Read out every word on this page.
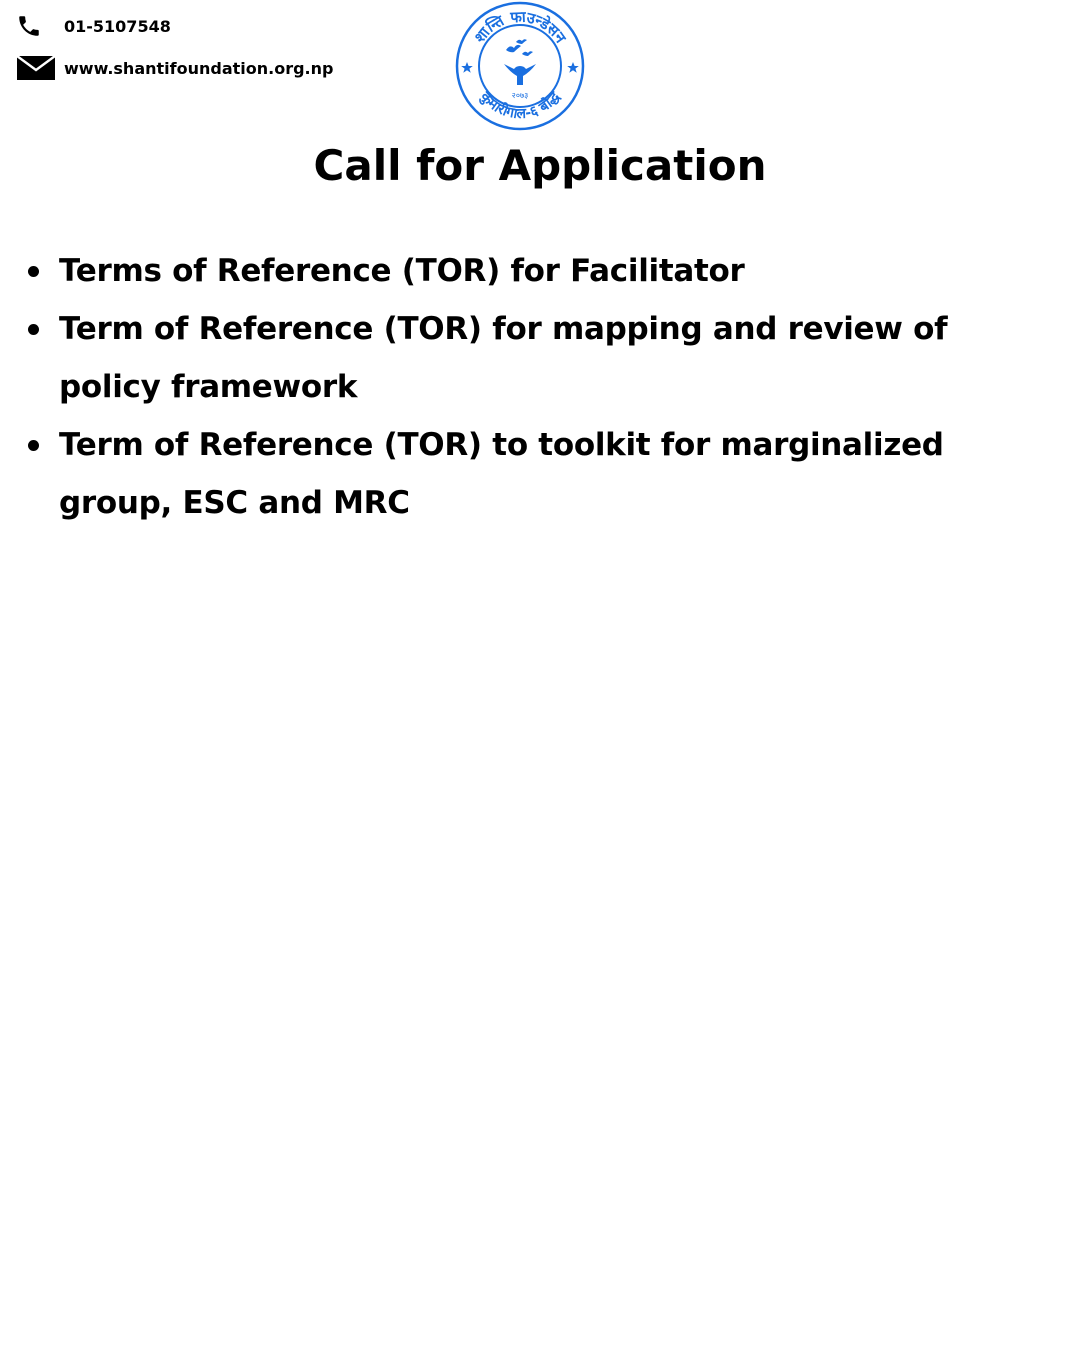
01-5107548
www.shantifoundation.org.np
शान्ति फाउन्डेसन
कुमारीगाल-६ बौद्ध
२०७३
Call for Application
Terms of Reference (TOR) for Facilitator
Term of Reference (TOR) for mapping and review of policy framework
Term of Reference (TOR) to toolkit for marginalized group, ESC and MRC
